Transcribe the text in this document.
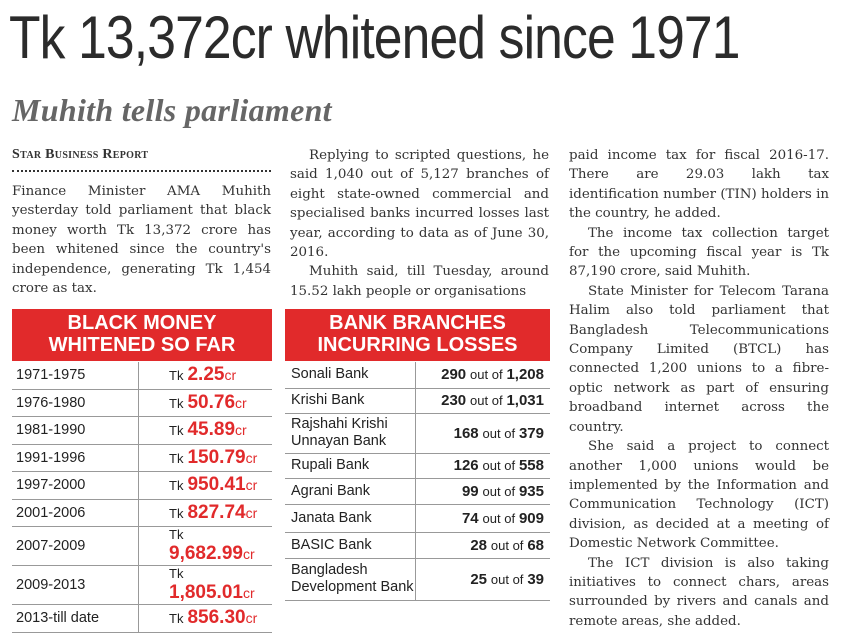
Tk 13,372cr whitened since 1971
Muhith tells parliament
Star Business Report

Finance Minister AMA Muhith yesterday told parliament that black money worth Tk 13,372 crore has been whitened since the country's independence, generating Tk 1,454 crore as tax.

Replying to scripted questions, he said 1,040 out of 5,127 branches of eight state-owned commercial and specialised banks incurred losses last year, according to data as of June 30, 2016.

Muhith said, till Tuesday, around 15.52 lakh people or organisations

paid income tax for fiscal 2016-17. There are 29.03 lakh tax identification number (TIN) holders in the country, he added.

The income tax collection target for the upcoming fiscal year is Tk 87,190 crore, said Muhith.

State Minister for Telecom Tarana Halim also told parliament that Bangladesh Telecommunications Company Limited (BTCL) has connected 1,200 unions to a fibre-optic network as part of ensuring broadband internet across the country.

She said a project to connect another 1,000 unions would be implemented by the Information and Communication Technology (ICT) division, as decided at a meeting of Domestic Network Committee.

The ICT division is also taking initiatives to connect chars, areas surrounded by rivers and canals and remote areas, she added.

BLACK MONEY
WHITENED SO FAR
1971-1975	Tk 2.25cr
1976-1980	Tk 50.76cr
1981-1990	Tk 45.89cr
1991-1996	Tk 150.79cr
1997-2000	Tk 950.41cr
2001-2006	Tk 827.74cr
2007-2009	Tk 9,682.99cr
2009-2013	Tk 1,805.01cr
2013-till date	Tk 856.30cr
BANK BRANCHES
INCURRING LOSSES
Sonali Bank	290 out of 1,208
Krishi Bank	230 out of 1,031
Rajshahi Krishi Unnayan Bank	168 out of 379
Rupali Bank	126 out of 558
Agrani Bank	99 out of 935
Janata Bank	74 out of 909
BASIC Bank	28 out of 68
Bangladesh Development Bank	25 out of 39
